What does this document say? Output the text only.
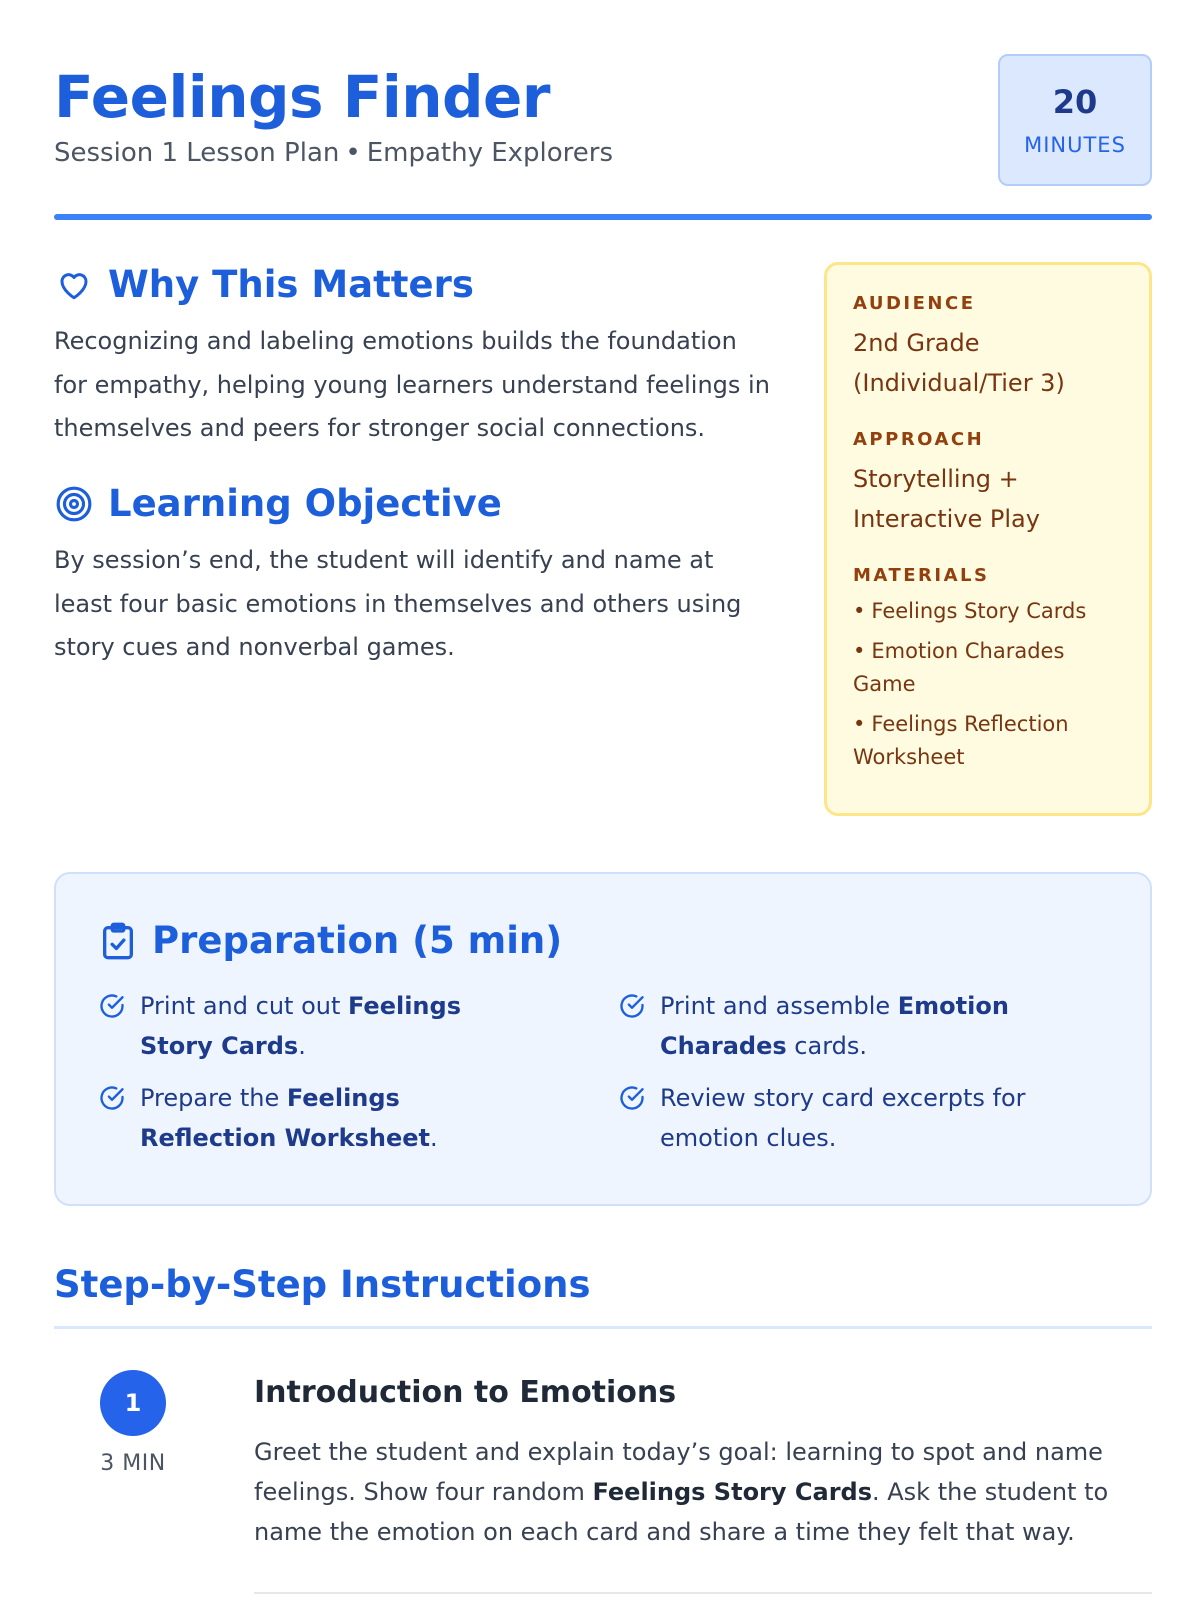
Feelings Finder
Session 1 Lesson Plan • Empathy Explorers
20
MINUTES
Why This Matters

Recognizing and labeling emotions builds the foundation for empathy, helping young learners understand feelings in themselves and peers for stronger social connections.

Learning Objective

By session’s end, the student will identify and name at least four basic emotions in themselves and others using story cues and nonverbal games.

AUDIENCE
2nd Grade (Individual/Tier 3)
APPROACH
Storytelling + Interactive Play
MATERIALS
• Feelings Story Cards
• Emotion Charades Game
• Feelings Reflection Worksheet
Preparation (5 min)
Print and cut out Feelings Story Cards.
Print and assemble Emotion Charades cards.
Prepare the Feelings Reflection Worksheet.
Review story card excerpts for emotion clues.
Step-by-Step Instructions
1
3 MIN
Introduction to Emotions
Greet the student and explain today’s goal: learning to spot and name feelings. Show four random Feelings Story Cards. Ask the student to name the emotion on each card and share a time they felt that way.
